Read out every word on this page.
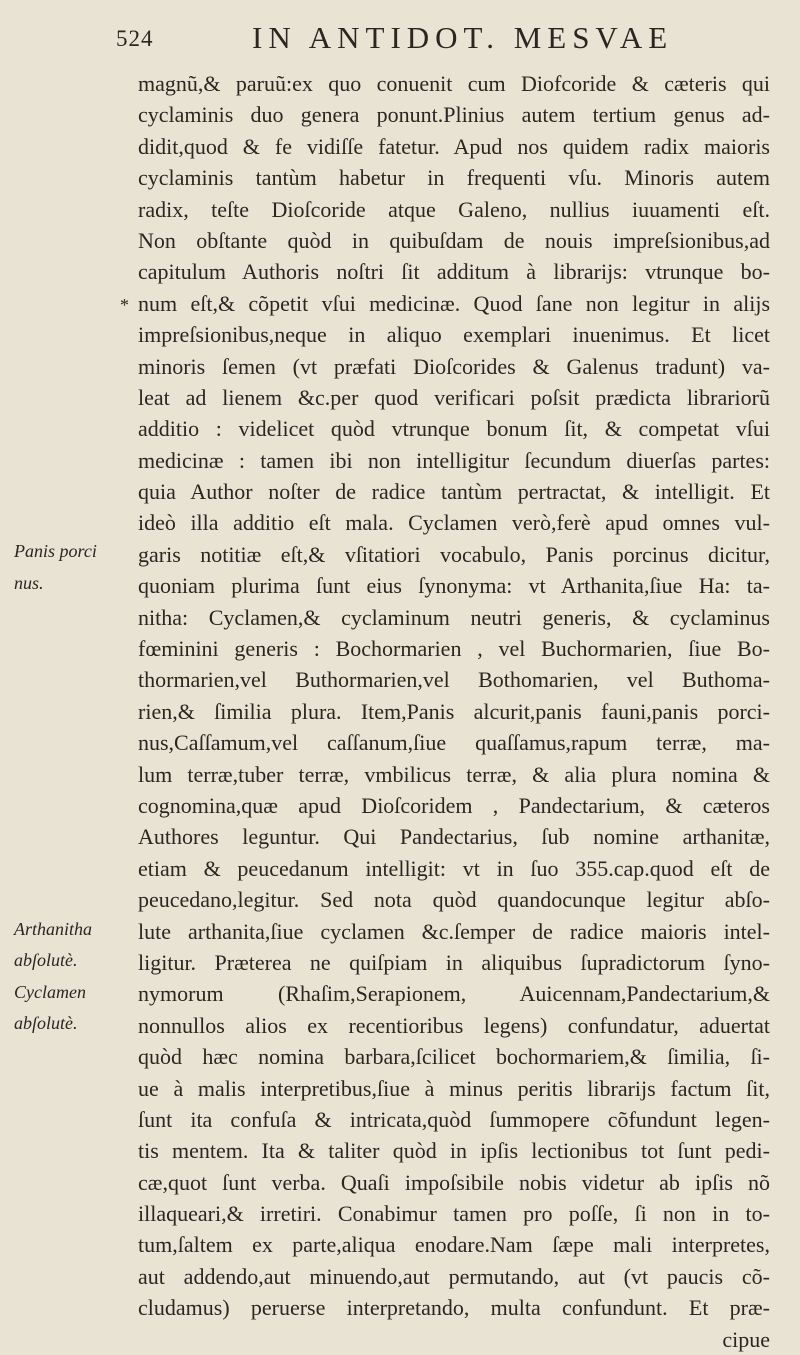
524	IN ANTIDOT. MESVAE
magnũ,& paruũ:ex quo conuenit cum Diofcoride & cæteris qui
cyclaminis duo genera ponunt.Plinius autem tertium genus ad-
didit,quod & fe vidiſſe fatetur. Apud nos quidem radix maioris
cyclaminis tantùm habetur in frequenti vſu. Minoris autem
radix, teſte Dioſcoride atque Galeno, nullius iuuamenti eſt.
Non obſtante quòd in quibuſdam de nouis impreſsionibus,ad
capitulum Authoris noſtri ſit additum à librarijs: vtrunque bo-
num eſt,& cõpetit vſui medicinæ. Quod ſane non legitur in alijs
impreſsionibus,neque in aliquo exemplari inuenimus. Et licet
minoris ſemen (vt præfati Dioſcorides & Galenus tradunt) va-
leat ad lienem &c.per quod verificari poſsit prædicta librariorũ
additio : videlicet quòd vtrunque bonum ſit, & competat vſui
medicinæ : tamen ibi non intelligitur ſecundum diuerſas partes:
quia Author noſter de radice tantùm pertractat, & intelligit. Et
ideò illa additio eſt mala. Cyclamen verò,ferè apud omnes vul-
garis notitiæ eſt,& vſitatiori vocabulo, Panis porcinus dicitur,
quoniam plurima ſunt eius ſynonyma: vt Arthanita,ſiue Ha: ta-
nitha: Cyclamen,& cyclaminum neutri generis, & cyclaminus
fœminini generis : Bochormarien , vel Buchormarien, ſiue Bo-
thormarien,vel Buthormarien,vel Bothomarien, vel Buthoma-
rien,& ſimilia plura. Item,Panis alcurit,panis fauni,panis porci-
nus,Caſſamum,vel caſſanum,ſiue quaſſamus,rapum terræ, ma-
lum terræ,tuber terræ, vmbilicus terræ, & alia plura nomina &
cognomina,quæ apud Dioſcoridem , Pandectarium, & cæteros
Authores leguntur. Qui Pandectarius, ſub nomine arthanitæ,
etiam & peucedanum intelligit: vt in ſuo 355.cap.quod eſt de
peucedano,legitur. Sed nota quòd quandocunque legitur abſo-
lute arthanita,ſiue cyclamen &c.ſemper de radice maioris intel-
ligitur. Præterea ne quiſpiam in aliquibus ſupradictorum ſyno-
nymorum (Rhaſim,Serapionem, Auicennam,Pandectarium,&
nonnullos alios ex recentioribus legens) confundatur, aduertat
quòd hæc nomina barbara,ſcilicet bochormariem,& ſimilia, ſi-
ue à malis interpretibus,ſiue à minus peritis librarijs factum ſit,
ſunt ita confuſa & intricata,quòd ſummopere cõfundunt legen-
tis mentem. Ita & taliter quòd in ipſis lectionibus tot ſunt pedi-
cæ,quot ſunt verba. Quaſi impoſsibile nobis videtur ab ipſis nõ
illaqueari,& irretiri. Conabimur tamen pro poſſe, ſi non in to-
tum,ſaltem ex parte,aliqua enodare.Nam ſæpe mali interpretes,
aut addendo,aut minuendo,aut permutando, aut (vt paucis cõ-
cludamus) peruerse interpretando, multa confundunt. Et præ-
cipue
*
Panis porci
nus.
Arthanitha
abſolutè.
Cyclamen
abſolutè.
